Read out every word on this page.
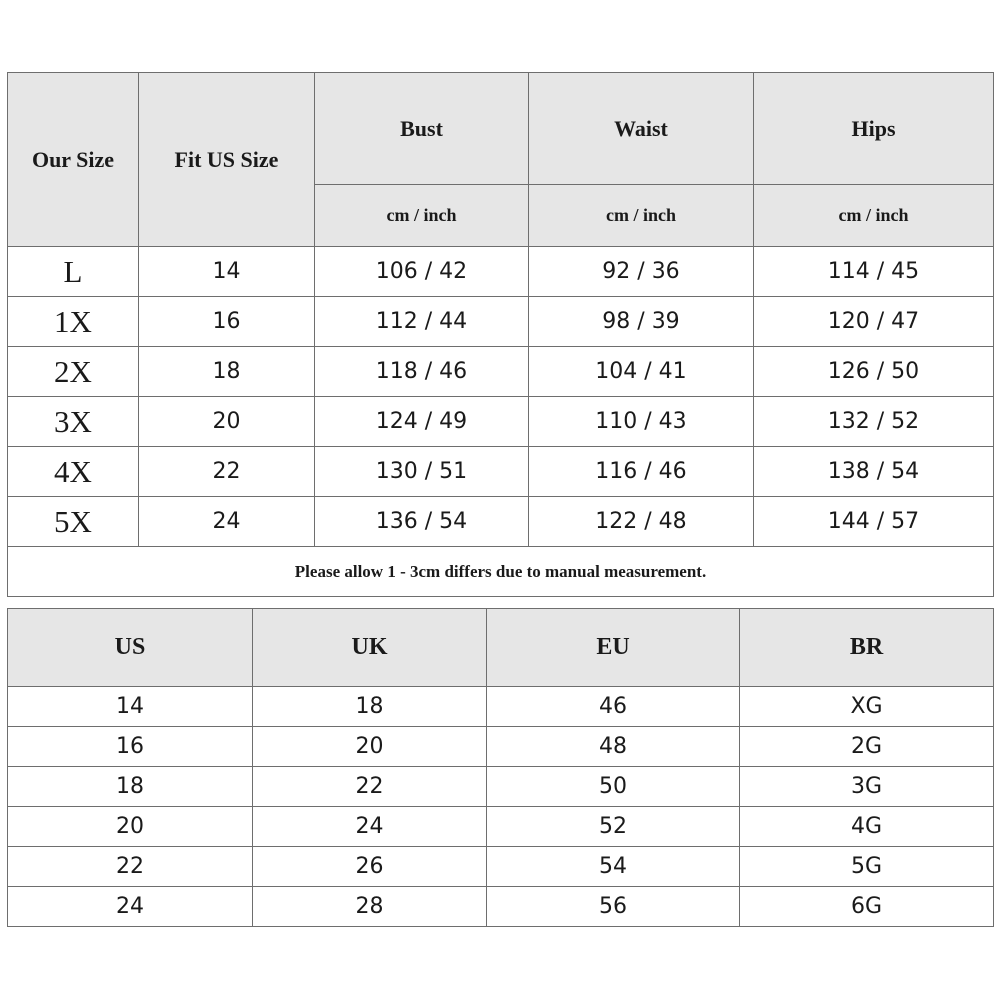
Our Size	Fit US Size	Bust	Waist	Hips
		cm / inch	cm / inch	cm / inch
L	14	106 / 42	92 / 36	114 / 45
1X	16	112 / 44	98 / 39	120 / 47
2X	18	118 / 46	104 / 41	126 / 50
3X	20	124 / 49	110 / 43	132 / 52
4X	22	130 / 51	116 / 46	138 / 54
5X	24	136 / 54	122 / 48	144 / 57
Please allow 1 - 3cm differs due to manual measurement.				
US	UK	EU	BR
14	18	46	XG
16	20	48	2G
18	22	50	3G
20	24	52	4G
22	26	54	5G
24	28	56	6G
